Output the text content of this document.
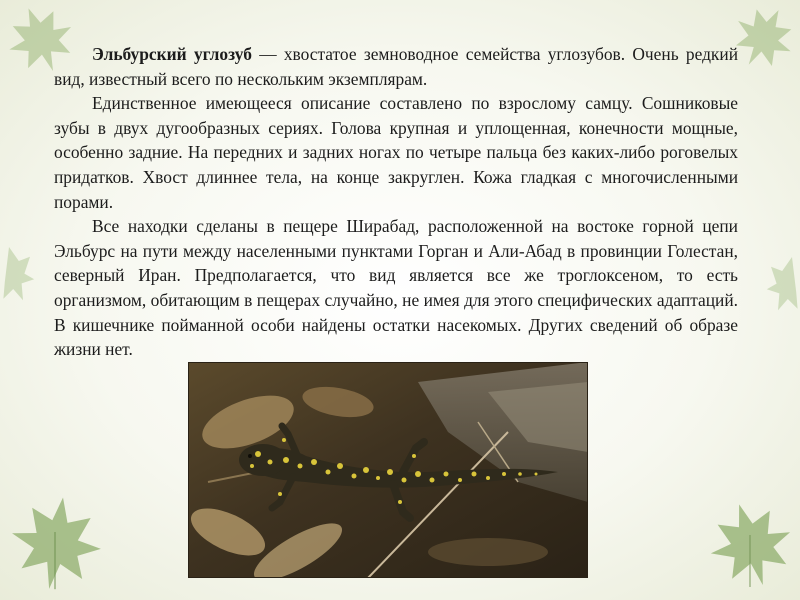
Эльбурский углозуб — хвостатое земноводное семейства углозубов. Очень редкий вид, известный всего по нескольким экземплярам.

Единственное имеющееся описание составлено по взрослому самцу. Сошниковые зубы в двух дугообразных сериях. Голова крупная и уплощенная, конечности мощные, особенно задние. На передних и задних ногах по четыре пальца без каких-либо роговелых придатков. Хвост длиннее тела, на конце закруглен. Кожа гладкая с многочисленными порами.

Все находки сделаны в пещере Ширабад, расположенной на востоке горной цепи Эльбурс на пути между населенными пунктами Горган и Али-Абад в провинции Голестан, северный Иран. Предполагается, что вид является все же троглоксеном, то есть организмом, обитающим в пещерах случайно, не имея для этого специфических адаптаций. В кишечнике пойманной особи найдены остатки насекомых. Других сведений об образе жизни нет.
